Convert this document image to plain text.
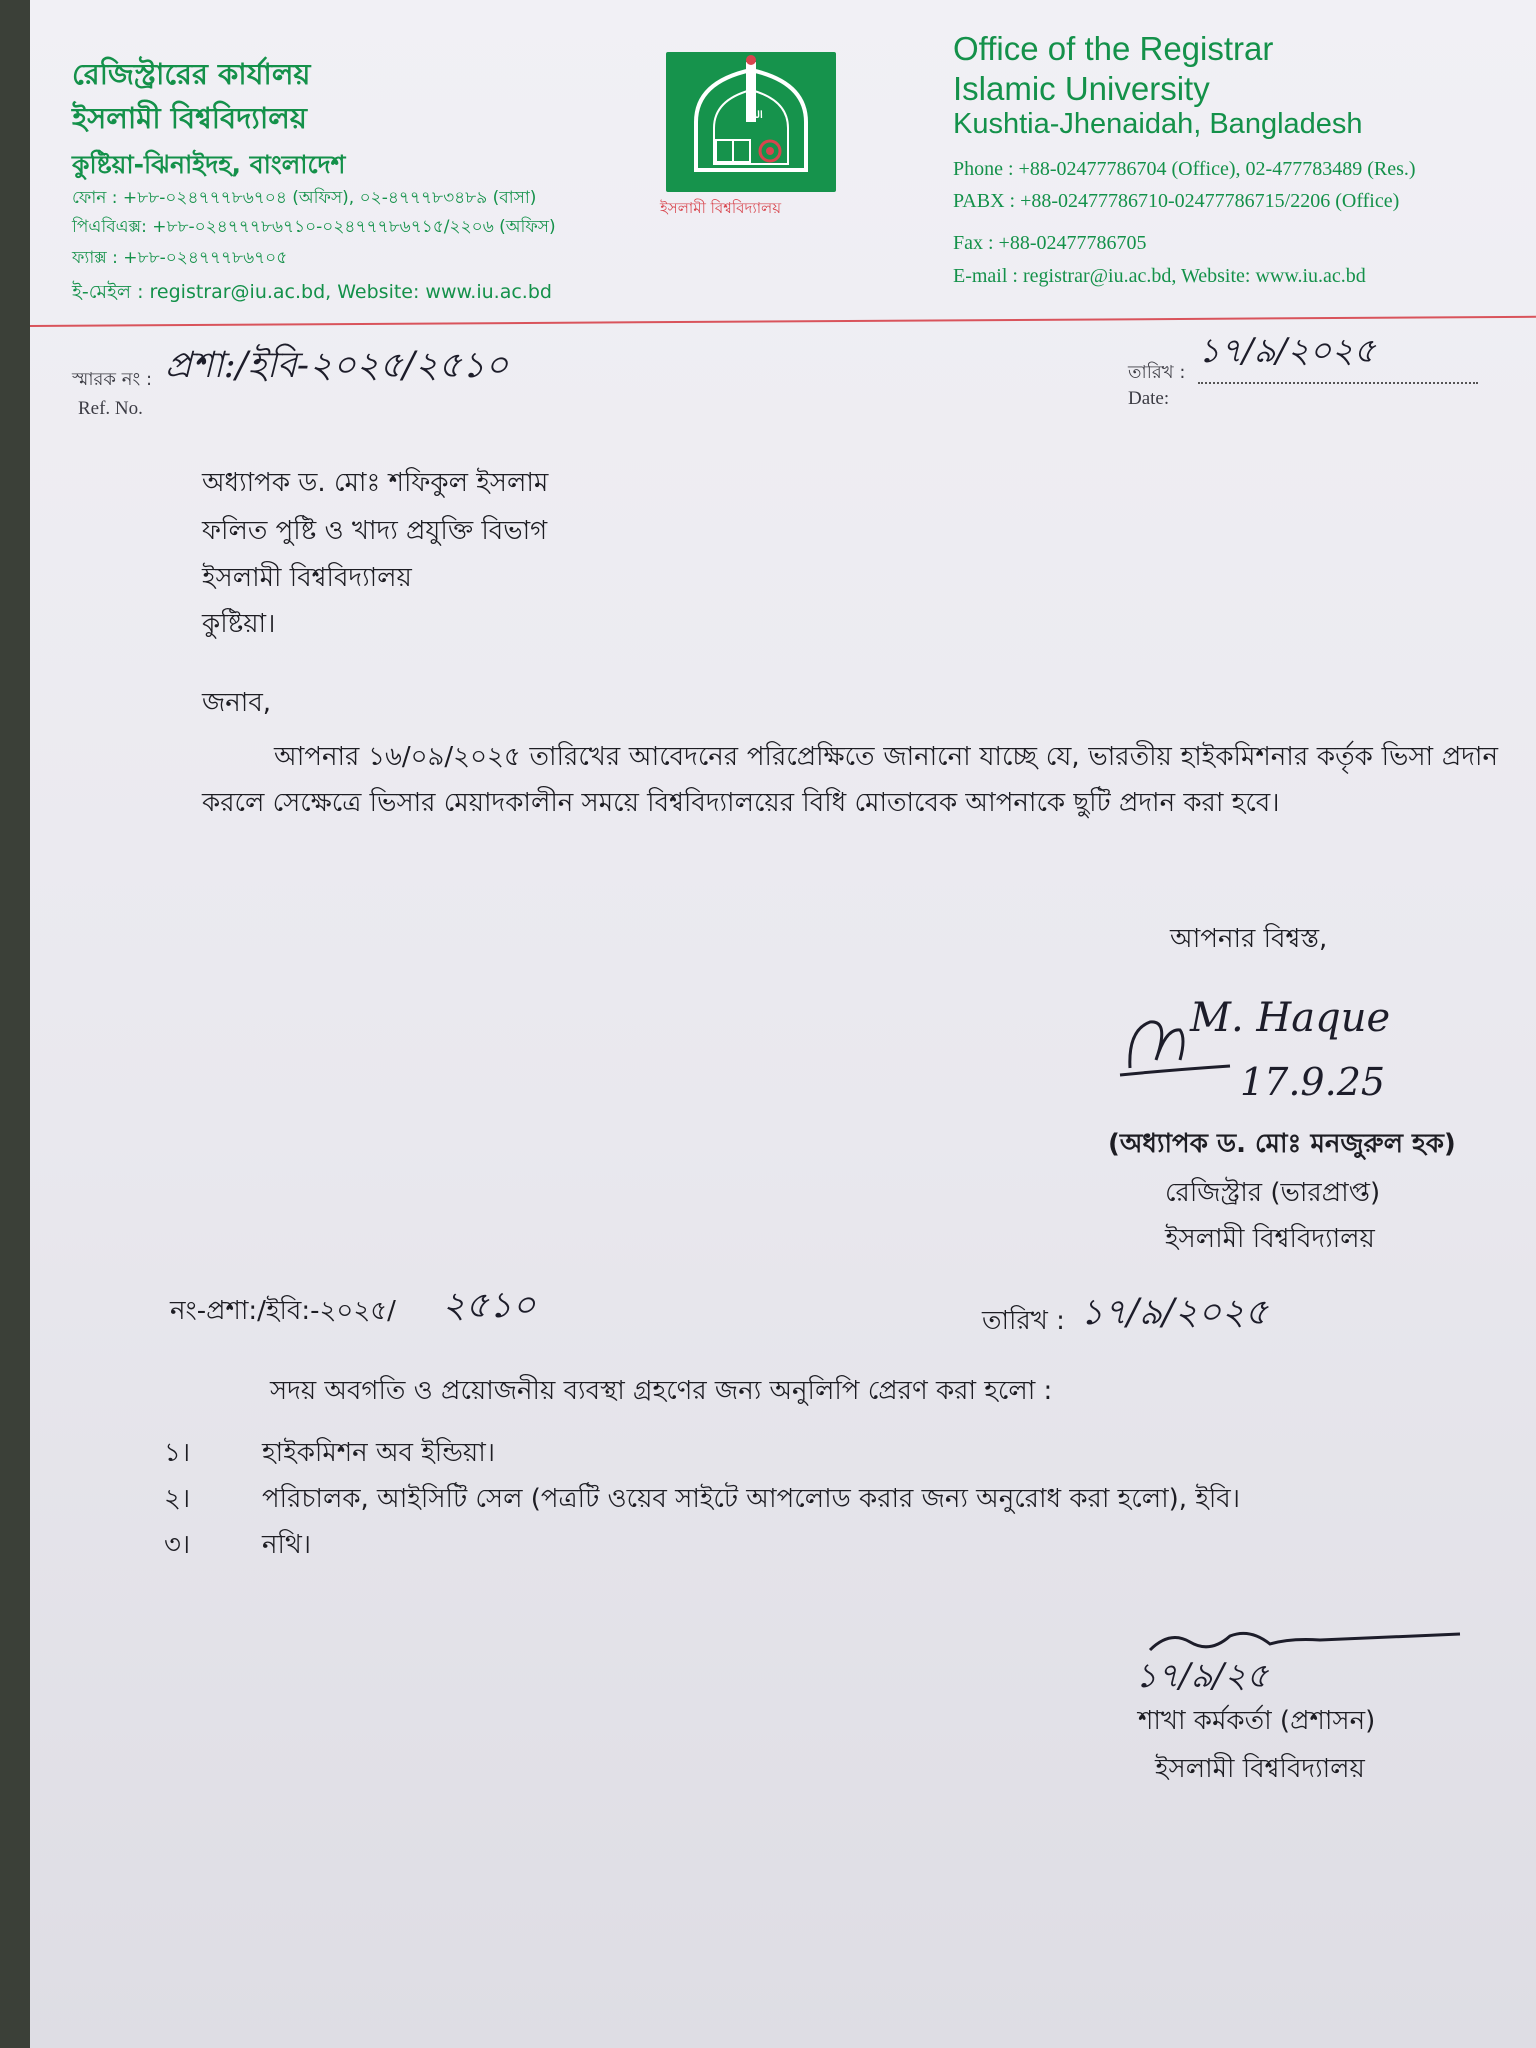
রেজিস্ট্রারের কার্যালয়
ইসলামী বিশ্ববিদ্যালয়
কুষ্টিয়া-ঝিনাইদহ, বাংলাদেশ
ফোন : +৮৮-০২৪৭৭৭৮৬৭০৪ (অফিস), ০২-৪৭৭৭৮৩৪৮৯ (বাসা)
পিএবিএক্স: +৮৮-০২৪৭৭৭৮৬৭১০-০২৪৭৭৭৮৬৭১৫/২২০৬ (অফিস)
ফ্যাক্স : +৮৮-০২৪৭৭৭৮৬৭০৫
ই-মেইল : registrar@iu.ac.bd, Website: www.iu.ac.bd
ﷲ
ইসলামী বিশ্ববিদ্যালয়
Office of the Registrar
Islamic University
Kushtia-Jhenaidah, Bangladesh
Phone : +88-02477786704 (Office), 02-477783489 (Res.)
PABX : +88-02477786710-02477786715/2206 (Office)
Fax : +88-02477786705
E-mail : registrar@iu.ac.bd, Website: www.iu.ac.bd
স্মারক নং : প্রশা:/ইবি-২০২৫/২৫১০
Ref. No.
তারিখ :
১৭/৯/২০২৫
Date:
অধ্যাপক ড. মোঃ শফিকুল ইসলাম
ফলিত পুষ্টি ও খাদ্য প্রযুক্তি বিভাগ
ইসলামী বিশ্ববিদ্যালয়
কুষ্টিয়া।
জনাব,
আপনার ১৬/০৯/২০২৫ তারিখের আবেদনের পরিপ্রেক্ষিতে জানানো যাচ্ছে যে, ভারতীয় হাইকমিশনার কর্তৃক ভিসা প্রদান করলে সেক্ষেত্রে ভিসার মেয়াদকালীন সময়ে বিশ্ববিদ্যালয়ের বিধি মোতাবেক আপনাকে ছুটি প্রদান করা হবে।
আপনার বিশ্বস্ত,
M. Haque
17.9.25
(অধ্যাপক ড. মোঃ মনজুরুল হক)
রেজিস্ট্রার (ভারপ্রাপ্ত)
ইসলামী বিশ্ববিদ্যালয়
নং-প্রশা:/ইবি:-২০২৫/ ২৫১০	তারিখ : ১৭/৯/২০২৫
সদয় অবগতি ও প্রয়োজনীয় ব্যবস্থা গ্রহণের জন্য অনুলিপি প্রেরণ করা হলো :
১।	হাইকমিশন অব ইন্ডিয়া।
২।	পরিচালক, আইসিটি সেল (পত্রটি ওয়েব সাইটে আপলোড করার জন্য অনুরোধ করা হলো), ইবি।
৩।	নথি।
১৭/৯/২৫
শাখা কর্মকর্তা (প্রশাসন)
ইসলামী বিশ্ববিদ্যালয়
